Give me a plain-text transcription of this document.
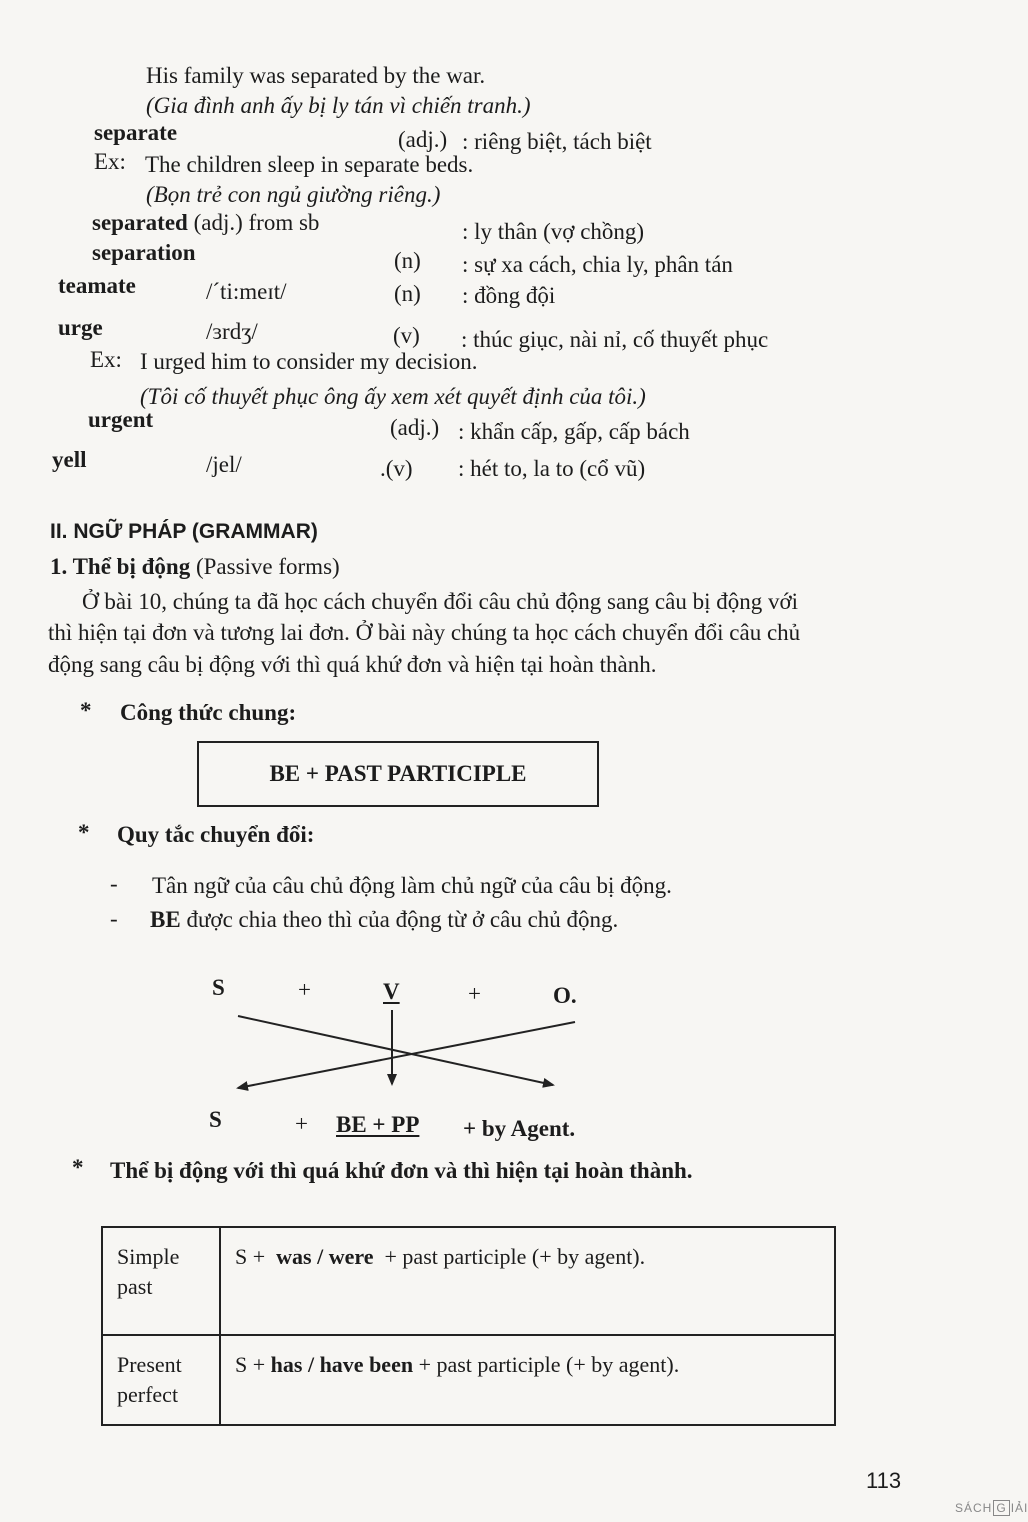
His family was separated by the war.
(Gia đình anh ấy bị ly tán vì chiến tranh.)
separate	(adj.) : riêng biệt, tách biệt
Ex: The children sleep in separate beds.
(Bọn trẻ con ngủ giường riêng.)
separated (adj.) from sb	: ly thân (vợ chồng)
separation	(n) : sự xa cách, chia ly, phân tán
teamate	/ˊti:meɪt/	(n) : đồng đội
urge	/ɜrdʒ/	(v) : thúc giục, nài nỉ, cố thuyết phục
Ex: I urged him to consider my decision.
(Tôi cố thuyết phục ông ấy xem xét quyết định của tôi.)
urgent	(adj.) : khẩn cấp, gấp, cấp bách
yell	/jel/	.(v) : hét to, la to (cổ vũ)
II. NGỮ PHÁP (GRAMMAR)
1. Thể bị động (Passive forms)
Ở bài 10, chúng ta đã học cách chuyển đổi câu chủ động sang câu bị động với
thì hiện tại đơn và tương lai đơn. Ở bài này chúng ta học cách chuyển đổi câu chủ
động sang câu bị động với thì quá khứ đơn và hiện tại hoàn thành.
* Công thức chung:
BE + PAST PARTICIPLE
* Quy tắc chuyển đổi:
- Tân ngữ của câu chủ động làm chủ ngữ của câu bị động.
- BE được chia theo thì của động từ ở câu chủ động.
S	+	V	+	O.
S	+ BE + PP + by Agent.
* Thể bị động với thì quá khứ đơn và thì hiện tại hoàn thành.
Simple
past	S + was / were + past participle (+ by agent).

Present
perfect	S + has / have been + past participle (+ by agent).
113
SÁCH G IẢI
